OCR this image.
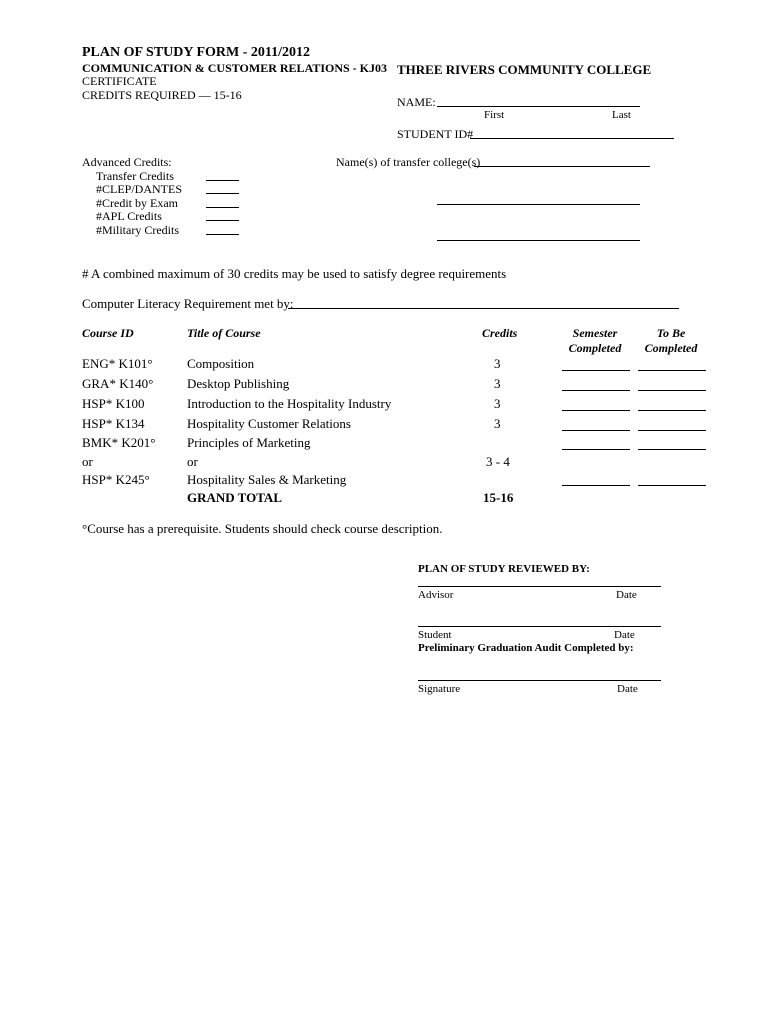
PLAN OF STUDY FORM - 2011/2012
COMMUNICATION & CUSTOMER RELATIONS - KJ03
CERTIFICATE
CREDITS REQUIRED — 15-16
THREE RIVERS COMMUNITY COLLEGE
NAME:
First	Last
STUDENT ID#
Advanced Credits:
Transfer Credits
#CLEP/DANTES
#Credit by Exam
#APL Credits
#Military Credits
Name(s) of transfer college(s)
# A combined maximum of 30 credits may be used to satisfy degree requirements
Computer Literacy Requirement met by:
Course ID	Title of Course	Credits	Semester
Completed
To Be
Completed
ENG* K101°	Composition	3
GRA* K140°	Desktop Publishing	3
HSP* K100	Introduction to the Hospitality Industry	3
HSP* K134	Hospitality Customer Relations	3
BMK* K201° Principles of Marketing
or	or	3 - 4
HSP* K245°	Hospitality Sales & Marketing
GRAND TOTAL	15-16
°Course has a prerequisite. Students should check course description.
PLAN OF STUDY REVIEWED BY:
Advisor	Date
Student	Date
Preliminary Graduation Audit Completed by:
Signature	Date
